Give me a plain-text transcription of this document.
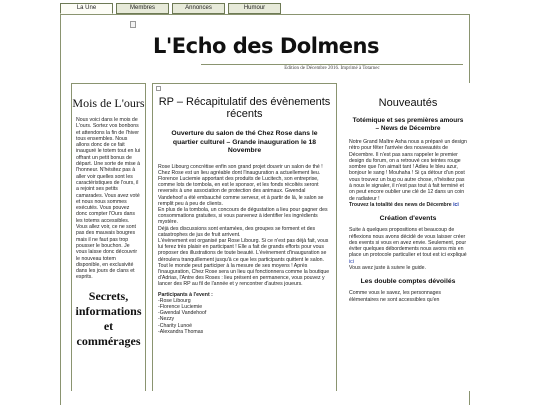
La Une	Membres	Annonces	Humour
L'Echo des Dolmens
Edition de Décembre 2016. Imprimé à Totarnec
Mois de L'ours

Nous voici dans le mois de L'ours. Sortez vos bonbons et attendons la fin de l'hiver tous ensembles. Nous allons donc de ce fait inauguré le totem tout en lui offrant un petit bonus de départ. Une sorte de mise à l'honneur. N'hésitez pas à aller voir quelles sont les caractéristiques de l'ours, il a rejoint ses petits camarades. Vous avez voté et nous nous sommes exécutés. Vous pouvez donc compter l'Ours dans les totems accessibles. Vous allez voir, ce ne sont pas des mauvais bougres mais il ne faut pas trop pousser le bouchon. Je vous laisse donc découvrir le nouveau totem disponible, en exclusivité dans les jours de clans et esprits.

Secrets, informations et commérages
RP – Récapitulatif des évènements récents
Ouverture du salon de thé Chez Rose dans le quartier culturel – Grande inauguration le 18 Novembre

Rose Libourg concrétise enfin son grand projet douvrir un salon de thé ! Chez Rose est un lieu agréable dont l'inauguration a actuellement lieu. Florence Luciemie apportant des produits de Lucitech, son entreprise, comme lots de tombola, en est le sponsor, et les fonds récoltés seront reversés à une association de protection des animaux. Gwendal Vandehoof a été embauché comme serveur, et à partir de là, le salon se remplit peu à peu de clients.

En plus de la tombola, un concours de dégustation a lieu pour gagner des consommations gratuites, si vous parvenez à identifier les ingrédients mystère.

Déjà des discussions sont entamées, des groupes se forment et des catastrophes de jus de fruit arrivent.

L'évènement est organisé par Rose Libourg. Si ce n'est pas déjà fait, vous lui ferez très plaisir en participant ! Elle a fait de grands efforts pour vous proposer des illustrations de toute beauté. L'évènement d'inauguration se déroulera tranquillement jusqu'à ce que les participants quittent le salon. Tout le monde peut participer à la mesure de ses moyens ! Après l'inauguration, Chez Rose sera un lieu qui fonctionnera comme la boutique d'Adrias, l'Antre des Roses : lieu présent en permanence, vous pouvez y lancer des RP au fil de l'année et y rencontrer d'autres joueurs.

Participants à l'event :

-Rose Libourg

-Florence Luciemie

-Gwendal Vandehoof

-Nezzy

-Charity Lunoé

-Alexandra Thomas

Nouveautés
Totémique et ses premières amours – News de Décembre

Notre Grand Maître Asha nous a préparé un design rétro pour fêter l'arrivée des nouveautés de Décembre. Il n'est pas sans rappeler le premier design du forum, on a retrouvé ces teintes rouge sombre que l'on aimait tant ! Adieu le bleu azur, bonjour le sang ! Mouhaha ! Si ça détour d'un post vous trouvez un bug ou autre chose, n'hésitez pas à nous le signaler, il n'est pas tout à fait terminé et on peut encore oublier une clé de 12 dans un coin de radiateur !

Trouvez la totalité des news de Décembre ici

Création d'events

Suite à quelques propositions et beaucoup de réflexions nous avons décidé de vous laisser créer des events si vous en avez envie. Seulement, pour éviter quelques débordements nous avons mis en place un protocole particulier et tout est ici expliqué ici

Vous avez juste à suivre le guide.

Les double comptes dévoilés

Comme vous le savez, les personnages élémentaires ne sont accessibles qu'en
